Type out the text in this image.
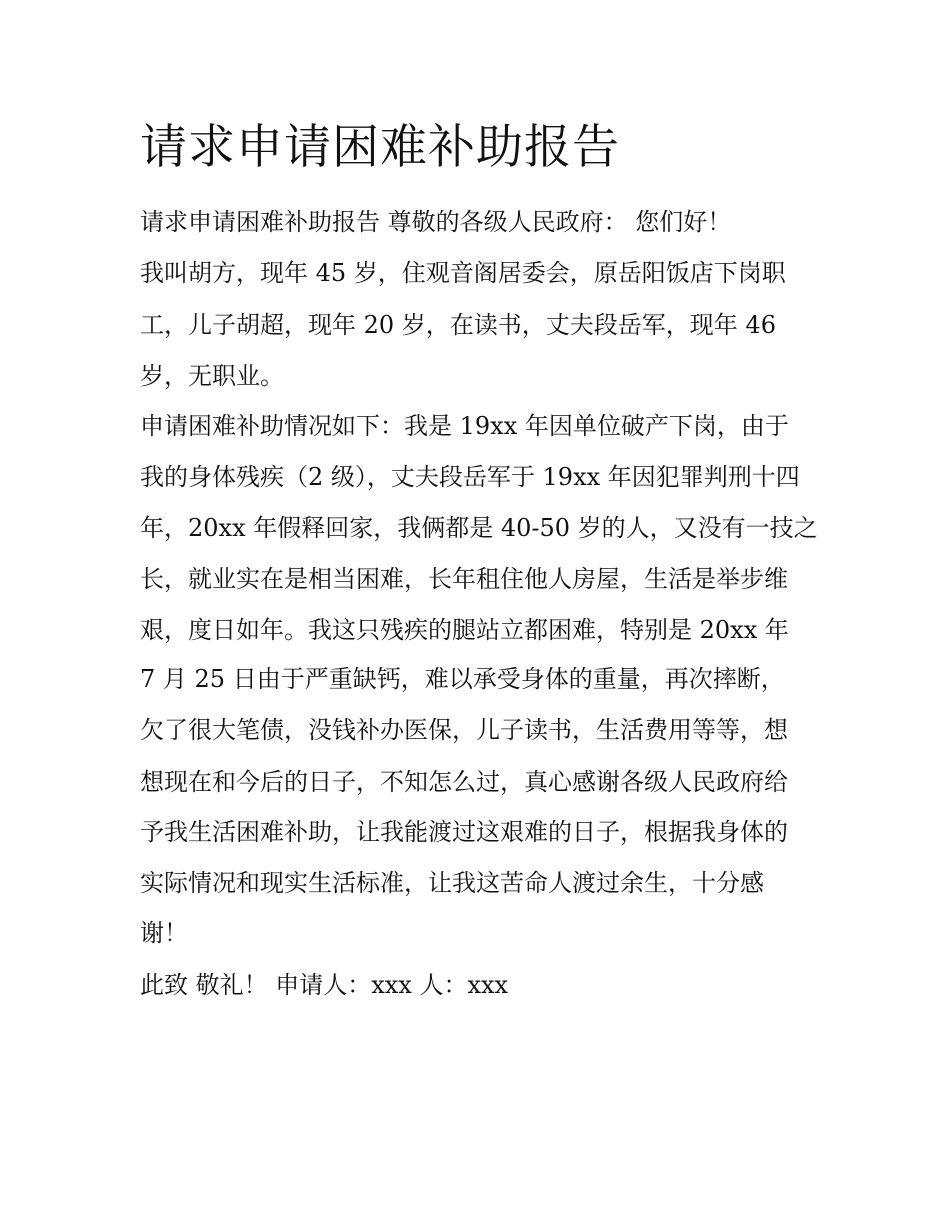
请求申请困难补助报告

请求申请困难补助报告 尊敬的各级人民政府： 您们好！

我叫胡方，现年 45 岁，住观音阁居委会，原岳阳饭店下岗职

工，儿子胡超，现年 20 岁，在读书，丈夫段岳军，现年 46

岁，无职业。

申请困难补助情况如下：我是 19xx 年因单位破产下岗，由于

我的身体残疾（2 级），丈夫段岳军于 19xx 年因犯罪判刑十四

年，20xx 年假释回家，我俩都是 40-50 岁的人，又没有一技之

长，就业实在是相当困难，长年租住他人房屋，生活是举步维

艰，度日如年。我这只残疾的腿站立都困难，特别是 20xx 年

7 月 25 日由于严重缺钙，难以承受身体的重量，再次摔断，

欠了很大笔债，没钱补办医保，儿子读书，生活费用等等，想

想现在和今后的日子，不知怎么过，真心感谢各级人民政府给

予我生活困难补助，让我能渡过这艰难的日子，根据我身体的

实际情况和现实生活标准，让我这苦命人渡过余生，十分感

谢！

此致 敬礼！ 申请人：xxx 人：xxx
